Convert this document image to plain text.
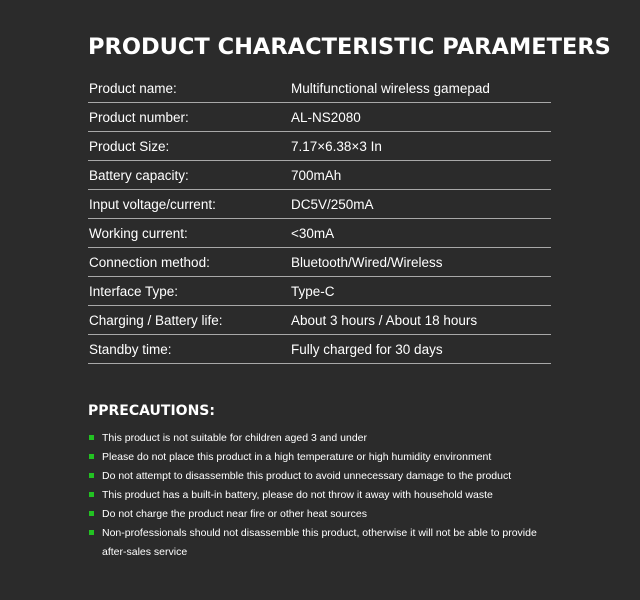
PRODUCT CHARACTERISTIC PARAMETERS
Product name:	Multifunctional wireless gamepad
Product number:	AL-NS2080
Product Size:	7.17×6.38×3 In
Battery capacity:	700mAh
Input voltage/current:	DC5V/250mA
Working current:	<30mA
Connection method:	Bluetooth/Wired/Wireless
Interface Type:	Type-C
Charging / Battery life:	About 3 hours / About 18 hours
Standby time:	Fully charged for 30 days
PPRECAUTIONS:
This product is not suitable for children aged 3 and under
Please do not place this product in a high temperature or high humidity environment
Do not attempt to disassemble this product to avoid unnecessary damage to the product
This product has a built-in battery, please do not throw it away with household waste
Do not charge the product near fire or other heat sources
Non-professionals should not disassemble this product, otherwise it will not be able to provide after-sales service
